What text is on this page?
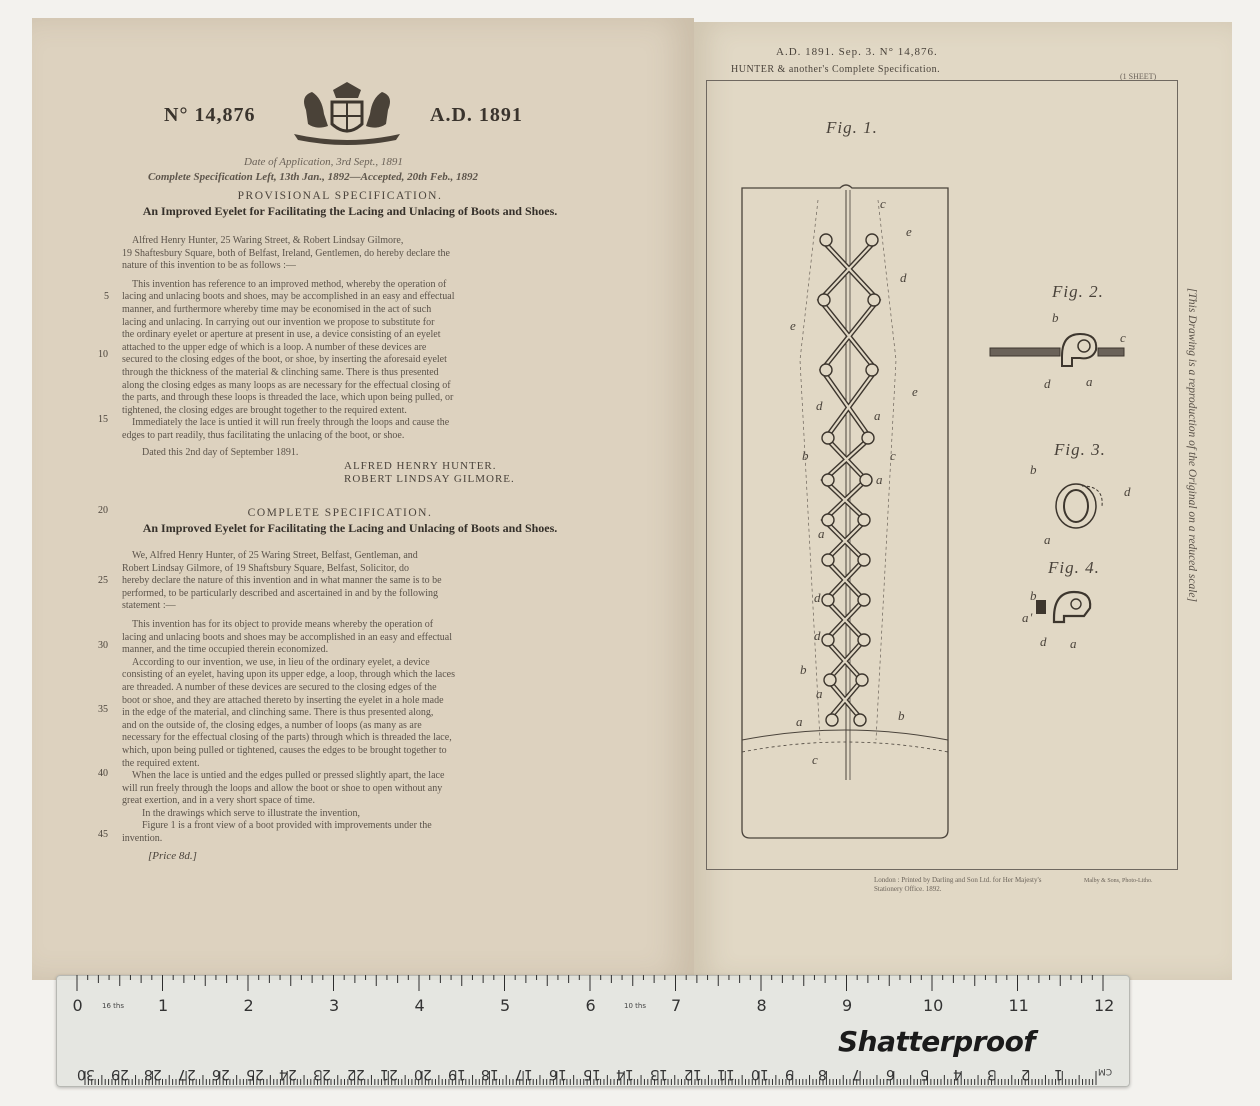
N° 14,876	A.D. 1891
Date of Application, 3rd Sept., 1891
Complete Specification Left, 13th Jan., 1892—Accepted, 20th Feb., 1892
PROVISIONAL SPECIFICATION.
An Improved Eyelet for Facilitating the Lacing and Unlacing of Boots and Shoes.
Alfred Henry Hunter, 25 Waring Street, & Robert Lindsay Gilmore,
19 Shaftesbury Square, both of Belfast, Ireland, Gentlemen, do hereby declare the
nature of this invention to be as follows :—
This invention has reference to an improved method, whereby the operation of
lacing and unlacing boots and shoes, may be accomplished in an easy and effectual
manner, and furthermore whereby time may be economised in the act of such
lacing and unlacing. In carrying out our invention we propose to substitute for
the ordinary eyelet or aperture at present in use, a device consisting of an eyelet
attached to the upper edge of which is a loop. A number of these devices are
secured to the closing edges of the boot, or shoe, by inserting the aforesaid eyelet
through the thickness of the material & clinching same. There is thus presented
along the closing edges as many loops as are necessary for the effectual closing of
the parts, and through these loops is threaded the lace, which upon being pulled, or
tightened, the closing edges are brought together to the required extent.
Immediately the lace is untied it will run freely through the loops and cause the
edges to part readily, thus facilitating the unlacing of the boot, or shoe.
Dated this 2nd day of September 1891.
ALFRED HENRY HUNTER.
ROBERT LINDSAY GILMORE.
COMPLETE SPECIFICATION.
An Improved Eyelet for Facilitating the Lacing and Unlacing of Boots and Shoes.
We, Alfred Henry Hunter, of 25 Waring Street, Belfast, Gentleman, and
Robert Lindsay Gilmore, of 19 Shaftsbury Square, Belfast, Solicitor, do
hereby declare the nature of this invention and in what manner the same is to be
performed, to be particularly described and ascertained in and by the following
statement :—
This invention has for its object to provide means whereby the operation of
lacing and unlacing boots and shoes may be accomplished in an easy and effectual
manner, and the time occupied therein economized.
According to our invention, we use, in lieu of the ordinary eyelet, a device
consisting of an eyelet, having upon its upper edge, a loop, through which the laces
are threaded. A number of these devices are secured to the closing edges of the
boot or shoe, and they are attached thereto by inserting the eyelet in a hole made
in the edge of the material, and clinching same. There is thus presented along,
and on the outside of, the closing edges, a number of loops (as many as are
necessary for the effectual closing of the parts) through which is threaded the lace,
which, upon being pulled or tightened, causes the edges to be brought together to
the required extent.
When the lace is untied and the edges pulled or pressed slightly apart, the lace
will run freely through the loops and allow the boot or shoe to open without any
great exertion, and in a very short space of time.
In the drawings which serve to illustrate the invention,
Figure 1 is a front view of a boot provided with improvements under the
invention.
5
10
15
20
25
30
35
40
45
[Price 8d.]
A.D. 1891. Sep. 3. N° 14,876.
HUNTER & another's Complete Specification.
(1 SHEET)
Fig. 1.
Fig. 2.
Fig. 3.
Fig. 4.
c
e
d
e
e
d
a
b	c
a
a
d
d
a
b
a
b
c
b
c
d	a
b
d
a
b
a'
d a
[This Drawing is a reproduction of the Original on a reduced scale]
London : Printed by Darling and Son Ltd. for Her Majesty's Stationery Office. 1892.
Malby & Sons, Photo-Litho.
0	1	2	3	4	5	6	7	8	9	10	11	12
30 29 28 27 26 25 24 23 22 21 20 19 18 17 16 15 14 13 12 11 10 9 8 7 6 5 4 3 2 1
16 ths	10 ths
Shatterproof
CM
